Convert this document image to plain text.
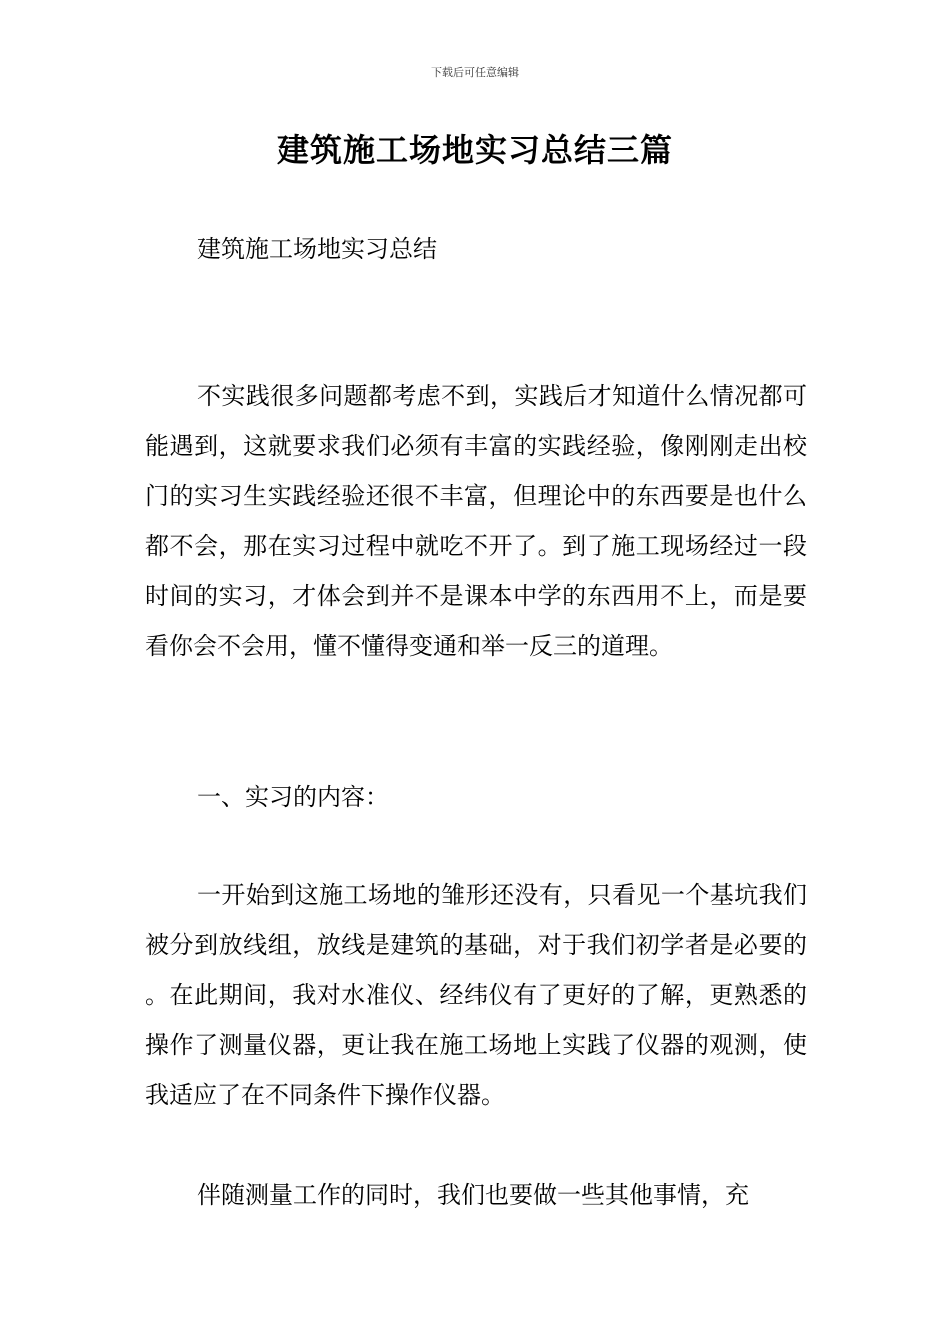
下载后可任意编辑
建筑施工场地实习总结三篇

建筑施工场地实习总结

不实践很多问题都考虑不到，实践后才知道什么情况都可能遇到，这就要求我们必须有丰富的实践经验，像刚刚走出校门的实习生实践经验还很不丰富，但理论中的东西要是也什么都不会，那在实习过程中就吃不开了。到了施工现场经过一段时间的实习，才体会到并不是课本中学的东西用不上，而是要看你会不会用，懂不懂得变通和举一反三的道理。

一、实习的内容：

一开始到这施工场地的雏形还没有，只看见一个基坑我们被分到放线组，放线是建筑的基础，对于我们初学者是必要的。在此期间，我对水准仪、经纬仪有了更好的了解，更熟悉的操作了测量仪器，更让我在施工场地上实践了仪器的观测，使我适应了在不同条件下操作仪器。

伴随测量工作的同时，我们也要做一些其他事情，充
